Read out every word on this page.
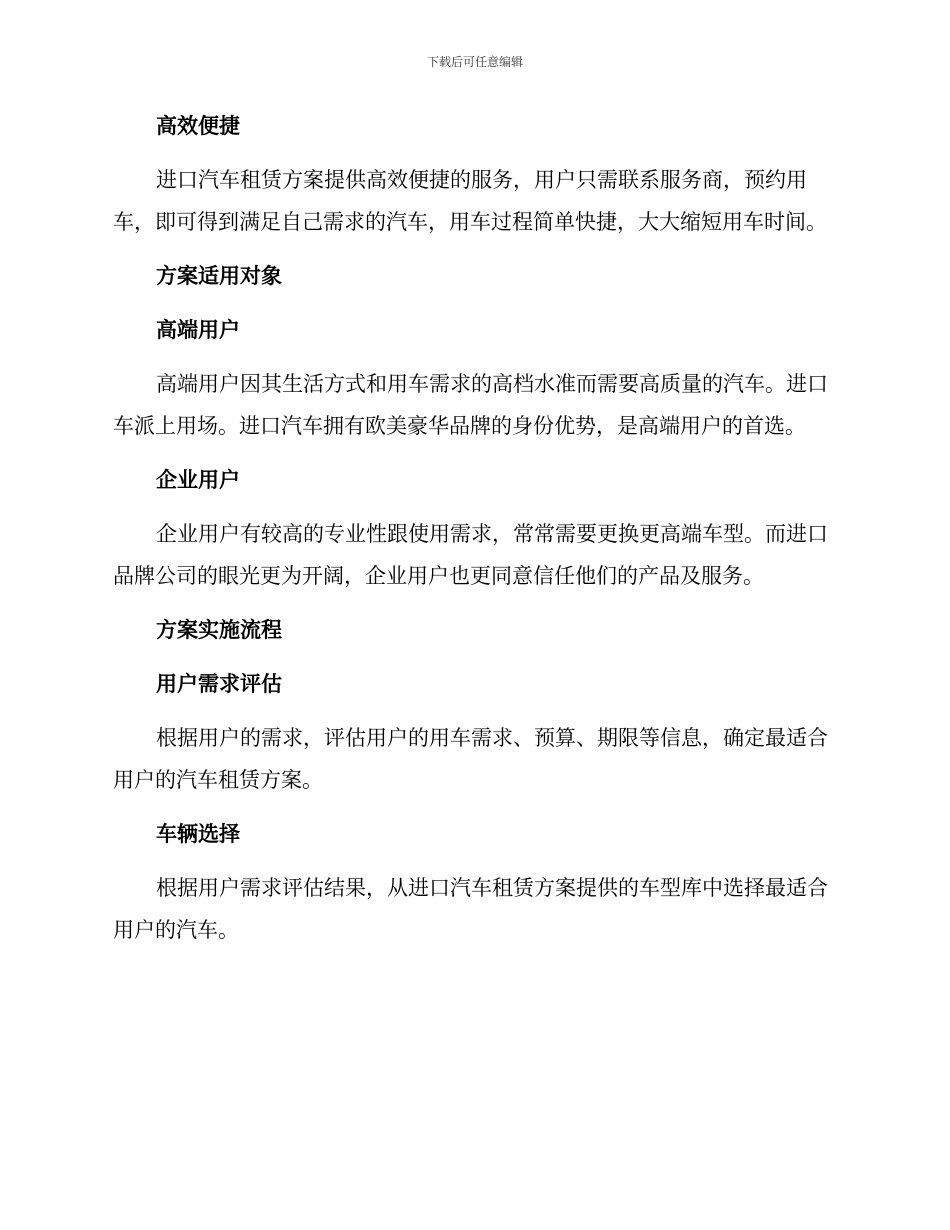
下载后可任意编辑
高效便捷

进口汽车租赁方案提供高效便捷的服务，用户只需联系服务商，预约用车，即可得到满足自己需求的汽车，用车过程简单快捷，大大缩短用车时间。

方案适用对象
高端用户

高端用户因其生活方式和用车需求的高档水准而需要高质量的汽车。进口车派上用场。进口汽车拥有欧美豪华品牌的身份优势，是高端用户的首选。

企业用户

企业用户有较高的专业性跟使用需求，常常需要更换更高端车型。而进口品牌公司的眼光更为开阔，企业用户也更同意信任他们的产品及服务。

方案实施流程
用户需求评估

根据用户的需求，评估用户的用车需求、预算、期限等信息，确定最适合用户的汽车租赁方案。

车辆选择

根据用户需求评估结果，从进口汽车租赁方案提供的车型库中选择最适合用户的汽车。
